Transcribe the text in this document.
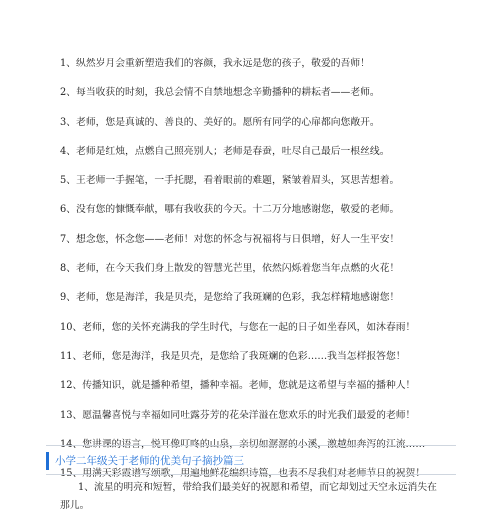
1、纵然岁月会重新塑造我们的容颜，我永远是您的孩子，敬爱的吾师！
2、每当收获的时刻，我总会情不自禁地想念辛勤播种的耕耘者——老师。
3、老师，您是真诚的、善良的、美好的。愿所有同学的心扉都向您敞开。
4、老师是红烛，点燃自己照亮别人；老师是春蚕，吐尽自己最后一根丝线。
5、王老师一手握笔，一手托腮，看着眼前的难题，紧皱着眉头，冥思苦想着。
6、没有您的慷慨奉献，哪有我收获的今天。十二万分地感谢您，敬爱的老师。
7、想念您，怀念您——老师！对您的怀念与祝福将与日俱增，好人一生平安！
8、老师，在今天我们身上散发的智慧光芒里，依然闪烁着您当年点燃的火花！
9、老师，您是海洋，我是贝壳，是您给了我斑斓的色彩，我怎样精地感谢您！
10、老师，您的关怀充满我的学生时代，与您在一起的日子如坐春风，如沐春雨！
11、老师，您是海洋，我是贝壳，是您给了我斑斓的色彩……我当怎样报答您！
12、传播知识，就是播种希望，播种幸福。老师，您就是这希望与幸福的播种人！
13、愿温馨喜悦与幸福如同吐露芬芳的花朵洋溢在您欢乐的时光我们最爱的老师！
14、您讲课的语言，悦耳像叮咚的山泉，亲切如潺潺的小溪，激越如奔泻的江流……
15、用满天彩霞谱写颂歌，用遍地鲜花编织诗篇，也表不尽我们对老师节日的祝贺！
小学二年级关于老师的优美句子摘抄篇三

1、流星的明亮和短暂，带给我们最美好的祝愿和希望，而它却划过天空永远消失在
那儿。
